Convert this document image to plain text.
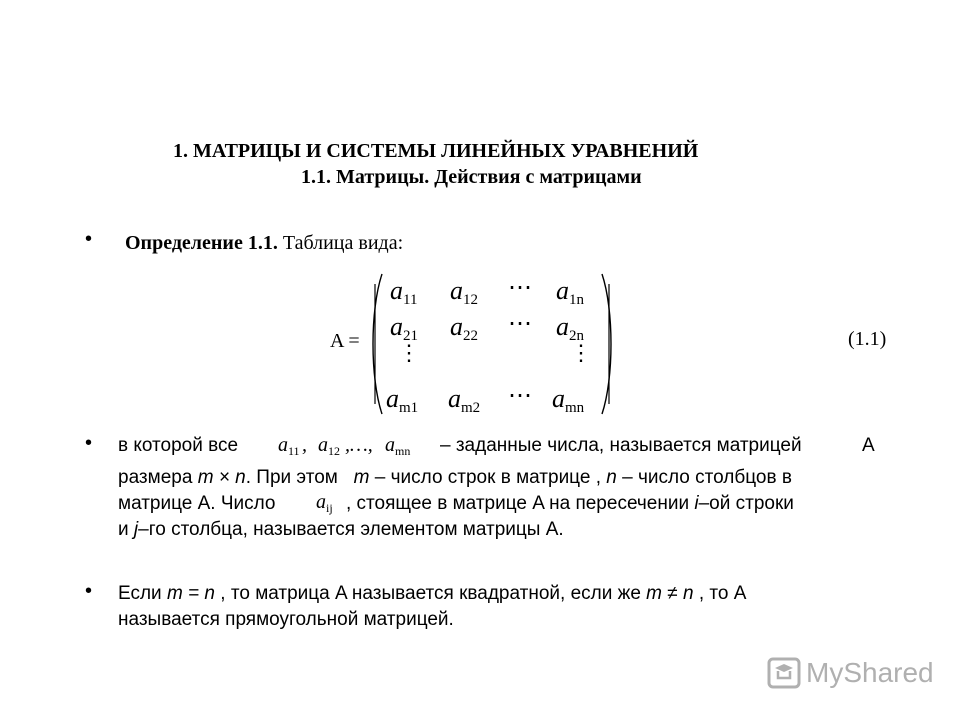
1. МАТРИЦЫ И СИСТЕМЫ ЛИНЕЙНЫХ УРАВНЕНИЙ
1.1. Матрицы. Действия с матрицами
• Определение 1.1. Таблица вида:
A =
$a_{11}$ $a_{12}$ ⋯ $a_{1n}$
$a_{21}$ $a_{22}$ ⋯ $a_{2n}$
⋮	⋮
$a_{m1}$ $a_{m2}$ ⋯ $a_{mn}$
(1.1)
• в которой все $a_{11}$ , $a_{12}$ ,…, $a_{mn}$ – заданные числа, называется матрицей	A
размера m × n. При этом m – число строк в матрице , n – число столбцов в
матрице A. Число $a_{ij}$ , стоящее в матрице A на пересечении i–ой строки
и j–го столбца, называется элементом матрицы A.
• Если m = n , то матрица A называется квадратной, если же m ≠ n , то A
называется прямоугольной матрицей.
MyShared
